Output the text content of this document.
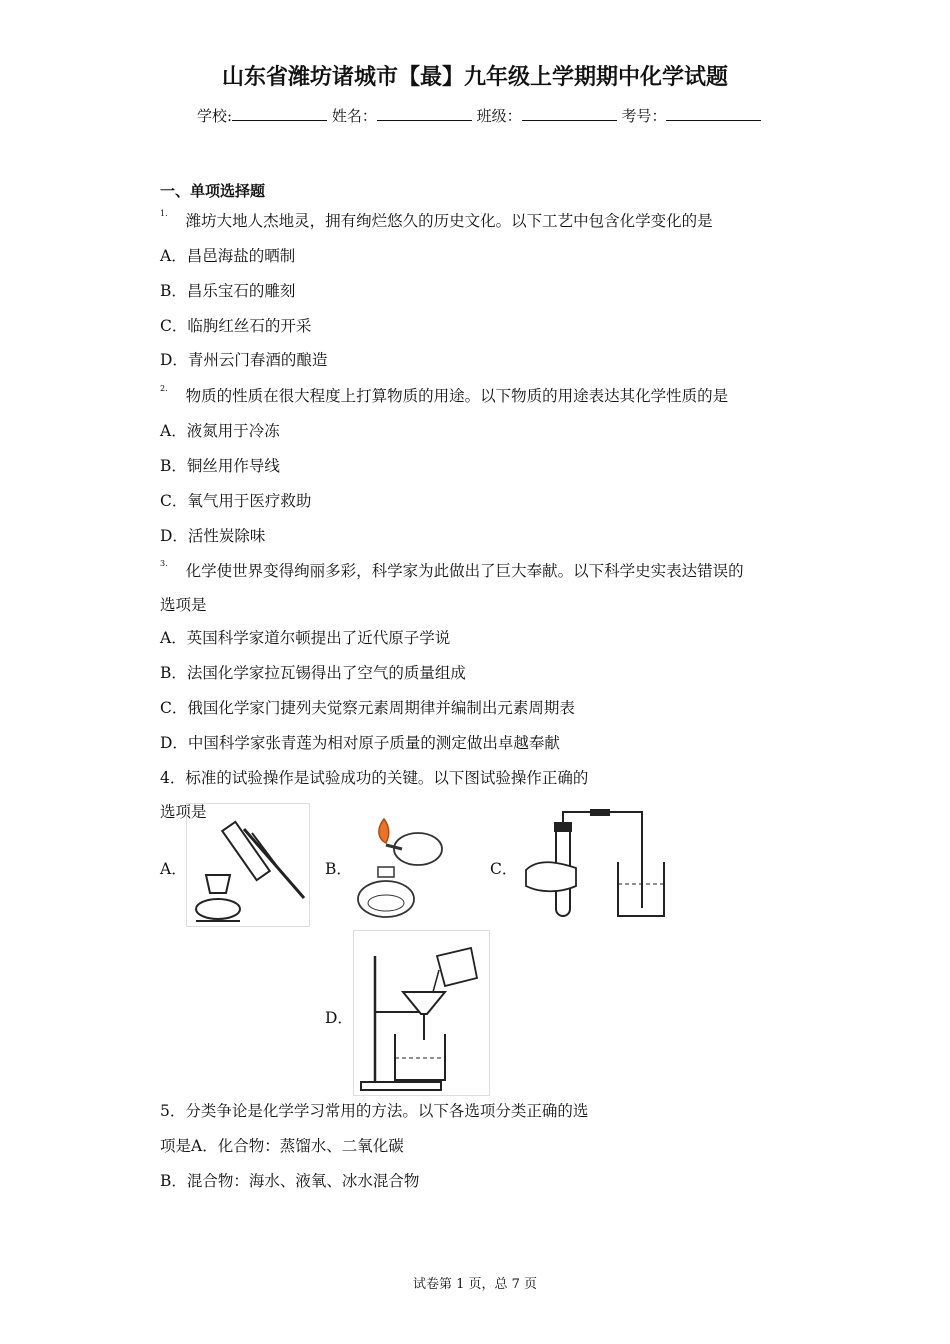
山东省潍坊诸城市【最】九年级上学期期中化学试题
学校:	姓名：	班级：	考号：
一、单项选择题
$^{1.}$ 潍坊大地人杰地灵，拥有绚烂悠久的历史文化。以下工艺中包含化学变化的是
A．昌邑海盐的晒制
B．昌乐宝石的雕刻
C．临朐红丝石的开采
D．青州云门春酒的酿造
$^{2.}$ 物质的性质在很大程度上打算物质的用途。以下物质的用途表达其化学性质的是
A．液氮用于冷冻
B．铜丝用作导线
C．氧气用于医疗救助
D．活性炭除味
$^{3.}$ 化学使世界变得绚丽多彩，科学家为此做出了巨大奉献。以下科学史实表达错误的
选项是
A．英国科学家道尔顿提出了近代原子学说
B．法国化学家拉瓦锡得出了空气的质量组成
C．俄国化学家门捷列夫觉察元素周期律并编制出元素周期表
D．中国科学家张青莲为相对原子质量的测定做出卓越奉献
4．标准的试验操作是试验成功的关键。以下图试验操作正确的
选项是
A．	B．	C．
D．
5．分类争论是化学学习常用的方法。以下各选项分类正确的选
项是A．化合物：蒸馏水、二氧化碳
B．混合物：海水、液氧、冰水混合物
试卷第 1 页，总 7 页
